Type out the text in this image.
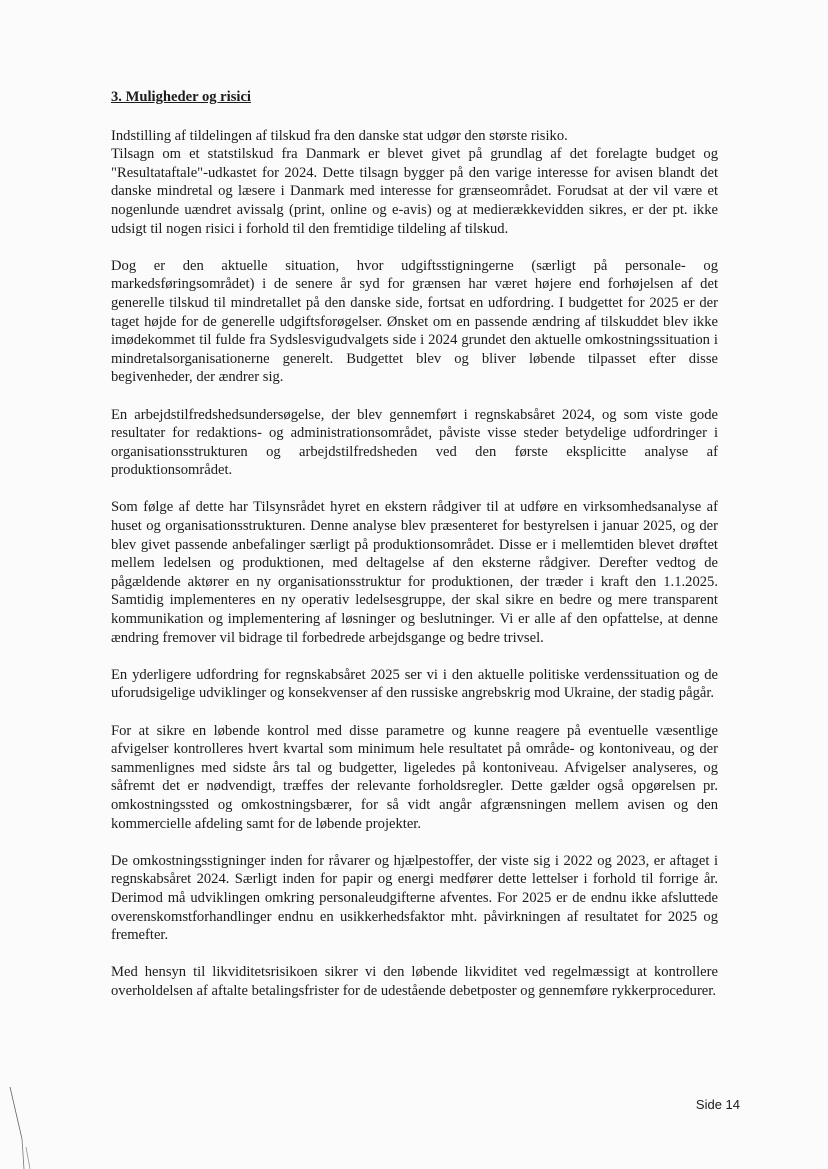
3. Muligheder og risici

Indstilling af tildelingen af tilskud fra den danske stat udgør den største risiko.

Tilsagn om et statstilskud fra Danmark er blevet givet på grundlag af det forelagte budget og "Resultataftale"-udkastet for 2024. Dette tilsagn bygger på den varige interesse for avisen blandt det danske mindretal og læsere i Danmark med interesse for grænseområdet. Forudsat at der vil være et nogenlunde uændret avissalg (print, online og e-avis) og at medierækkevidden sikres, er der pt. ikke udsigt til nogen risici i forhold til den fremtidige tildeling af tilskud.

Dog er den aktuelle situation, hvor udgiftsstigningerne (særligt på personale- og markedsføringsområdet) i de senere år syd for grænsen har været højere end forhøjelsen af det generelle tilskud til mindretallet på den danske side, fortsat en udfordring. I budgettet for 2025 er der taget højde for de generelle udgiftsforøgelser. Ønsket om en passende ændring af tilskuddet blev ikke imødekommet til fulde fra Sydslesvigudvalgets side i 2024 grundet den aktuelle omkostningssituation i mindretalsorganisationerne generelt. Budgettet blev og bliver løbende tilpasset efter disse begivenheder, der ændrer sig.

En arbejdstilfredshedsundersøgelse, der blev gennemført i regnskabsåret 2024, og som viste gode resultater for redaktions- og administrationsområdet, påviste visse steder betydelige udfordringer i organisationsstrukturen og arbejdstilfredsheden ved den første eksplicitte analyse af produktionsområdet.

Som følge af dette har Tilsynsrådet hyret en ekstern rådgiver til at udføre en virksomhedsanalyse af huset og organisationsstrukturen. Denne analyse blev præsenteret for bestyrelsen i januar 2025, og der blev givet passende anbefalinger særligt på produktionsområdet. Disse er i mellemtiden blevet drøftet mellem ledelsen og produktionen, med deltagelse af den eksterne rådgiver. Derefter vedtog de pågældende aktører en ny organisationsstruktur for produktionen, der træder i kraft den 1.1.2025. Samtidig implementeres en ny operativ ledelsesgruppe, der skal sikre en bedre og mere transparent kommunikation og implementering af løsninger og beslutninger. Vi er alle af den opfattelse, at denne ændring fremover vil bidrage til forbedrede arbejdsgange og bedre trivsel.

En yderligere udfordring for regnskabsåret 2025 ser vi i den aktuelle politiske verdenssituation og de uforudsigelige udviklinger og konsekvenser af den russiske angrebskrig mod Ukraine, der stadig pågår.

For at sikre en løbende kontrol med disse parametre og kunne reagere på eventuelle væsentlige afvigelser kontrolleres hvert kvartal som minimum hele resultatet på område- og kontoniveau, og der sammenlignes med sidste års tal og budgetter, ligeledes på kontoniveau. Afvigelser analyseres, og såfremt det er nødvendigt, træffes der relevante forholdsregler. Dette gælder også opgørelsen pr. omkostningssted og omkostningsbærer, for så vidt angår afgrænsningen mellem avisen og den kommercielle afdeling samt for de løbende projekter.

De omkostningsstigninger inden for råvarer og hjælpestoffer, der viste sig i 2022 og 2023, er aftaget i regnskabsåret 2024. Særligt inden for papir og energi medfører dette lettelser i forhold til forrige år. Derimod må udviklingen omkring personaleudgifterne afventes. For 2025 er de endnu ikke afsluttede overenskomstforhandlinger endnu en usikkerhedsfaktor mht. påvirkningen af resultatet for 2025 og fremefter.

Med hensyn til likviditetsrisikoen sikrer vi den løbende likviditet ved regelmæssigt at kontrollere overholdelsen af aftalte betalingsfrister for de udestående debetposter og gennemføre rykkerprocedurer.

Side 14
